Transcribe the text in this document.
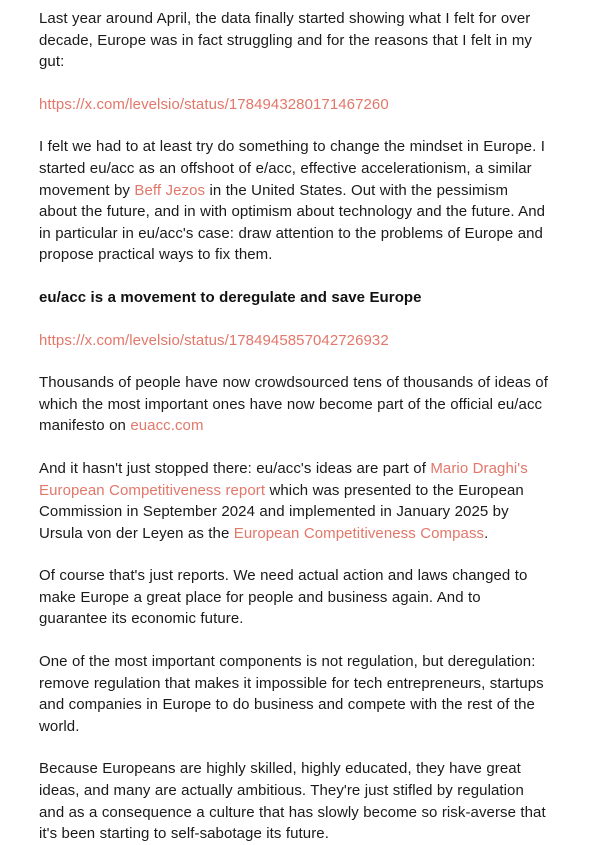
Last year around April, the data finally started showing what I felt for over decade, Europe was in fact struggling and for the reasons that I felt in my gut:

https://x.com/levelsio/status/1784943280171467260

I felt we had to at least try do something to change the mindset in Europe. I started eu/acc as an offshoot of e/acc, effective accelerationism, a similar movement by Beff Jezos in the United States. Out with the pessimism about the future, and in with optimism about technology and the future. And in particular in eu/acc's case: draw attention to the problems of Europe and propose practical ways to fix them.

eu/acc is a movement to deregulate and save Europe

https://x.com/levelsio/status/1784945857042726932

Thousands of people have now crowdsourced tens of thousands of ideas of which the most important ones have now become part of the official eu/acc manifesto on euacc.com

And it hasn't just stopped there: eu/acc's ideas are part of Mario Draghi's European Competitiveness report which was presented to the European Commission in September 2024 and implemented in January 2025 by Ursula von der Leyen as the European Competitiveness Compass.

Of course that's just reports. We need actual action and laws changed to make Europe a great place for people and business again. And to guarantee its economic future.

One of the most important components is not regulation, but deregulation: remove regulation that makes it impossible for tech entrepreneurs, startups and companies in Europe to do business and compete with the rest of the world.

Because Europeans are highly skilled, highly educated, they have great ideas, and many are actually ambitious. They're just stifled by regulation and as a consequence a culture that has slowly become so risk-averse that it's been starting to self-sabotage its future.
